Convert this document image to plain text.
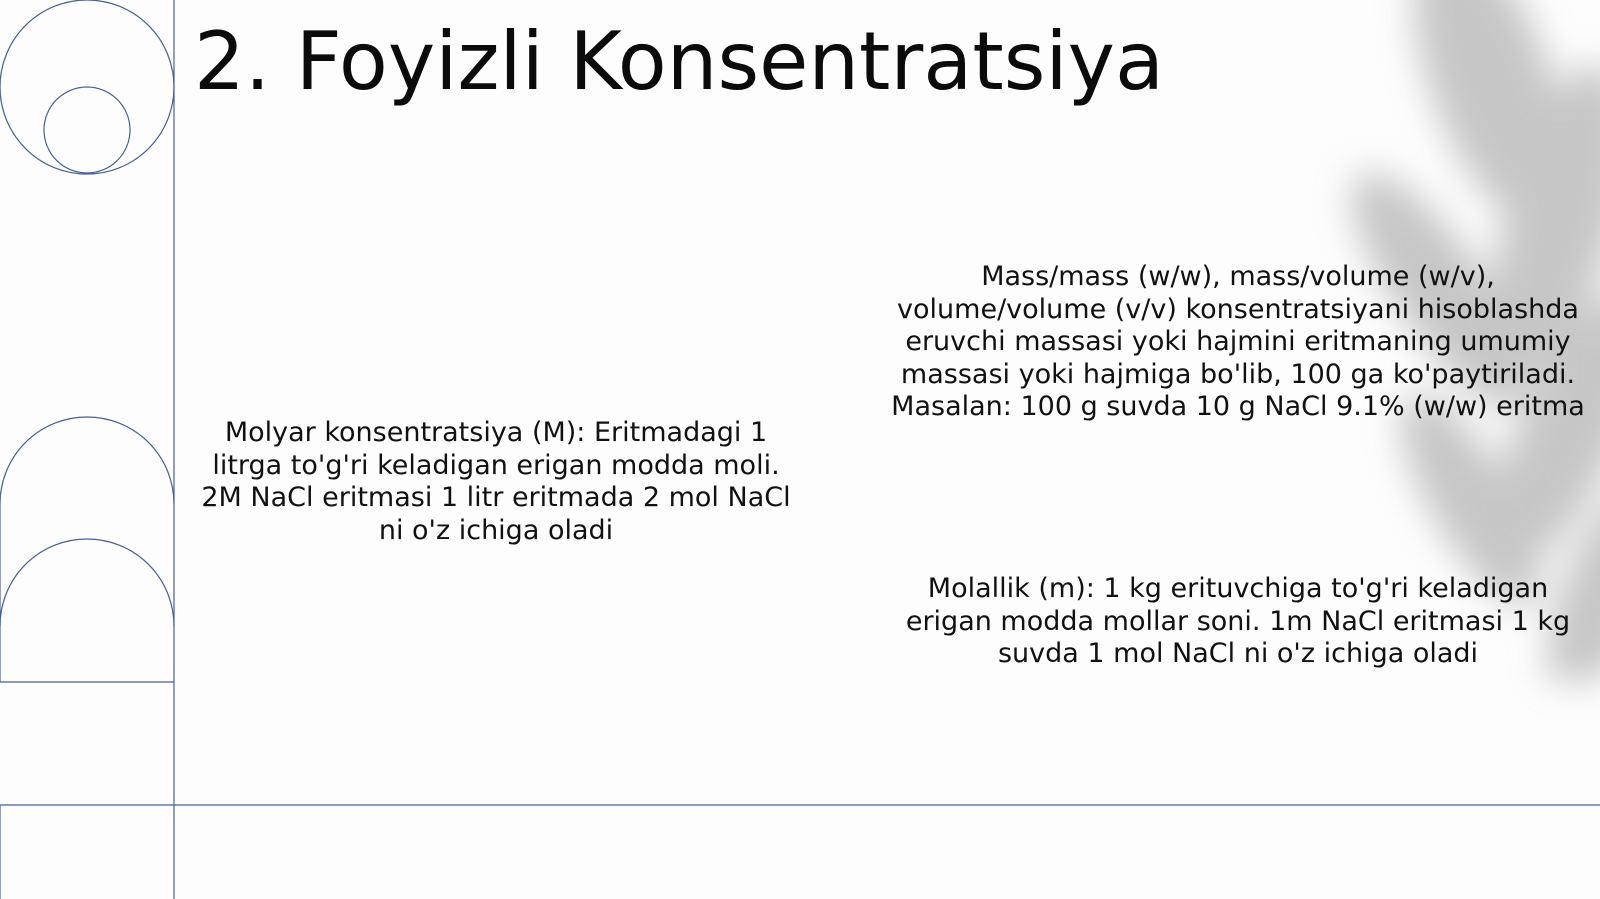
2. Foyizli Konsentratsiya

Molyar konsentratsiya (M): Eritmadagi 1 litrga to'g'ri keladigan erigan modda moli. 2M NaCl eritmasi 1 litr eritmada 2 mol NaCl ni o'z ichiga oladi

Mass/mass (w/w), mass/volume (w/v), volume/volume (v/v) konsentratsiyani hisoblashda eruvchi massasi yoki hajmini eritmaning umumiy massasi yoki hajmiga bo'lib, 100 ga ko'paytiriladi. Masalan: 100 g suvda 10 g NaCl 9.1% (w/w) eritma

Molallik (m): 1 kg erituvchiga to'g'ri keladigan erigan modda mollar soni. 1m NaCl eritmasi 1 kg suvda 1 mol NaCl ni o'z ichiga oladi
